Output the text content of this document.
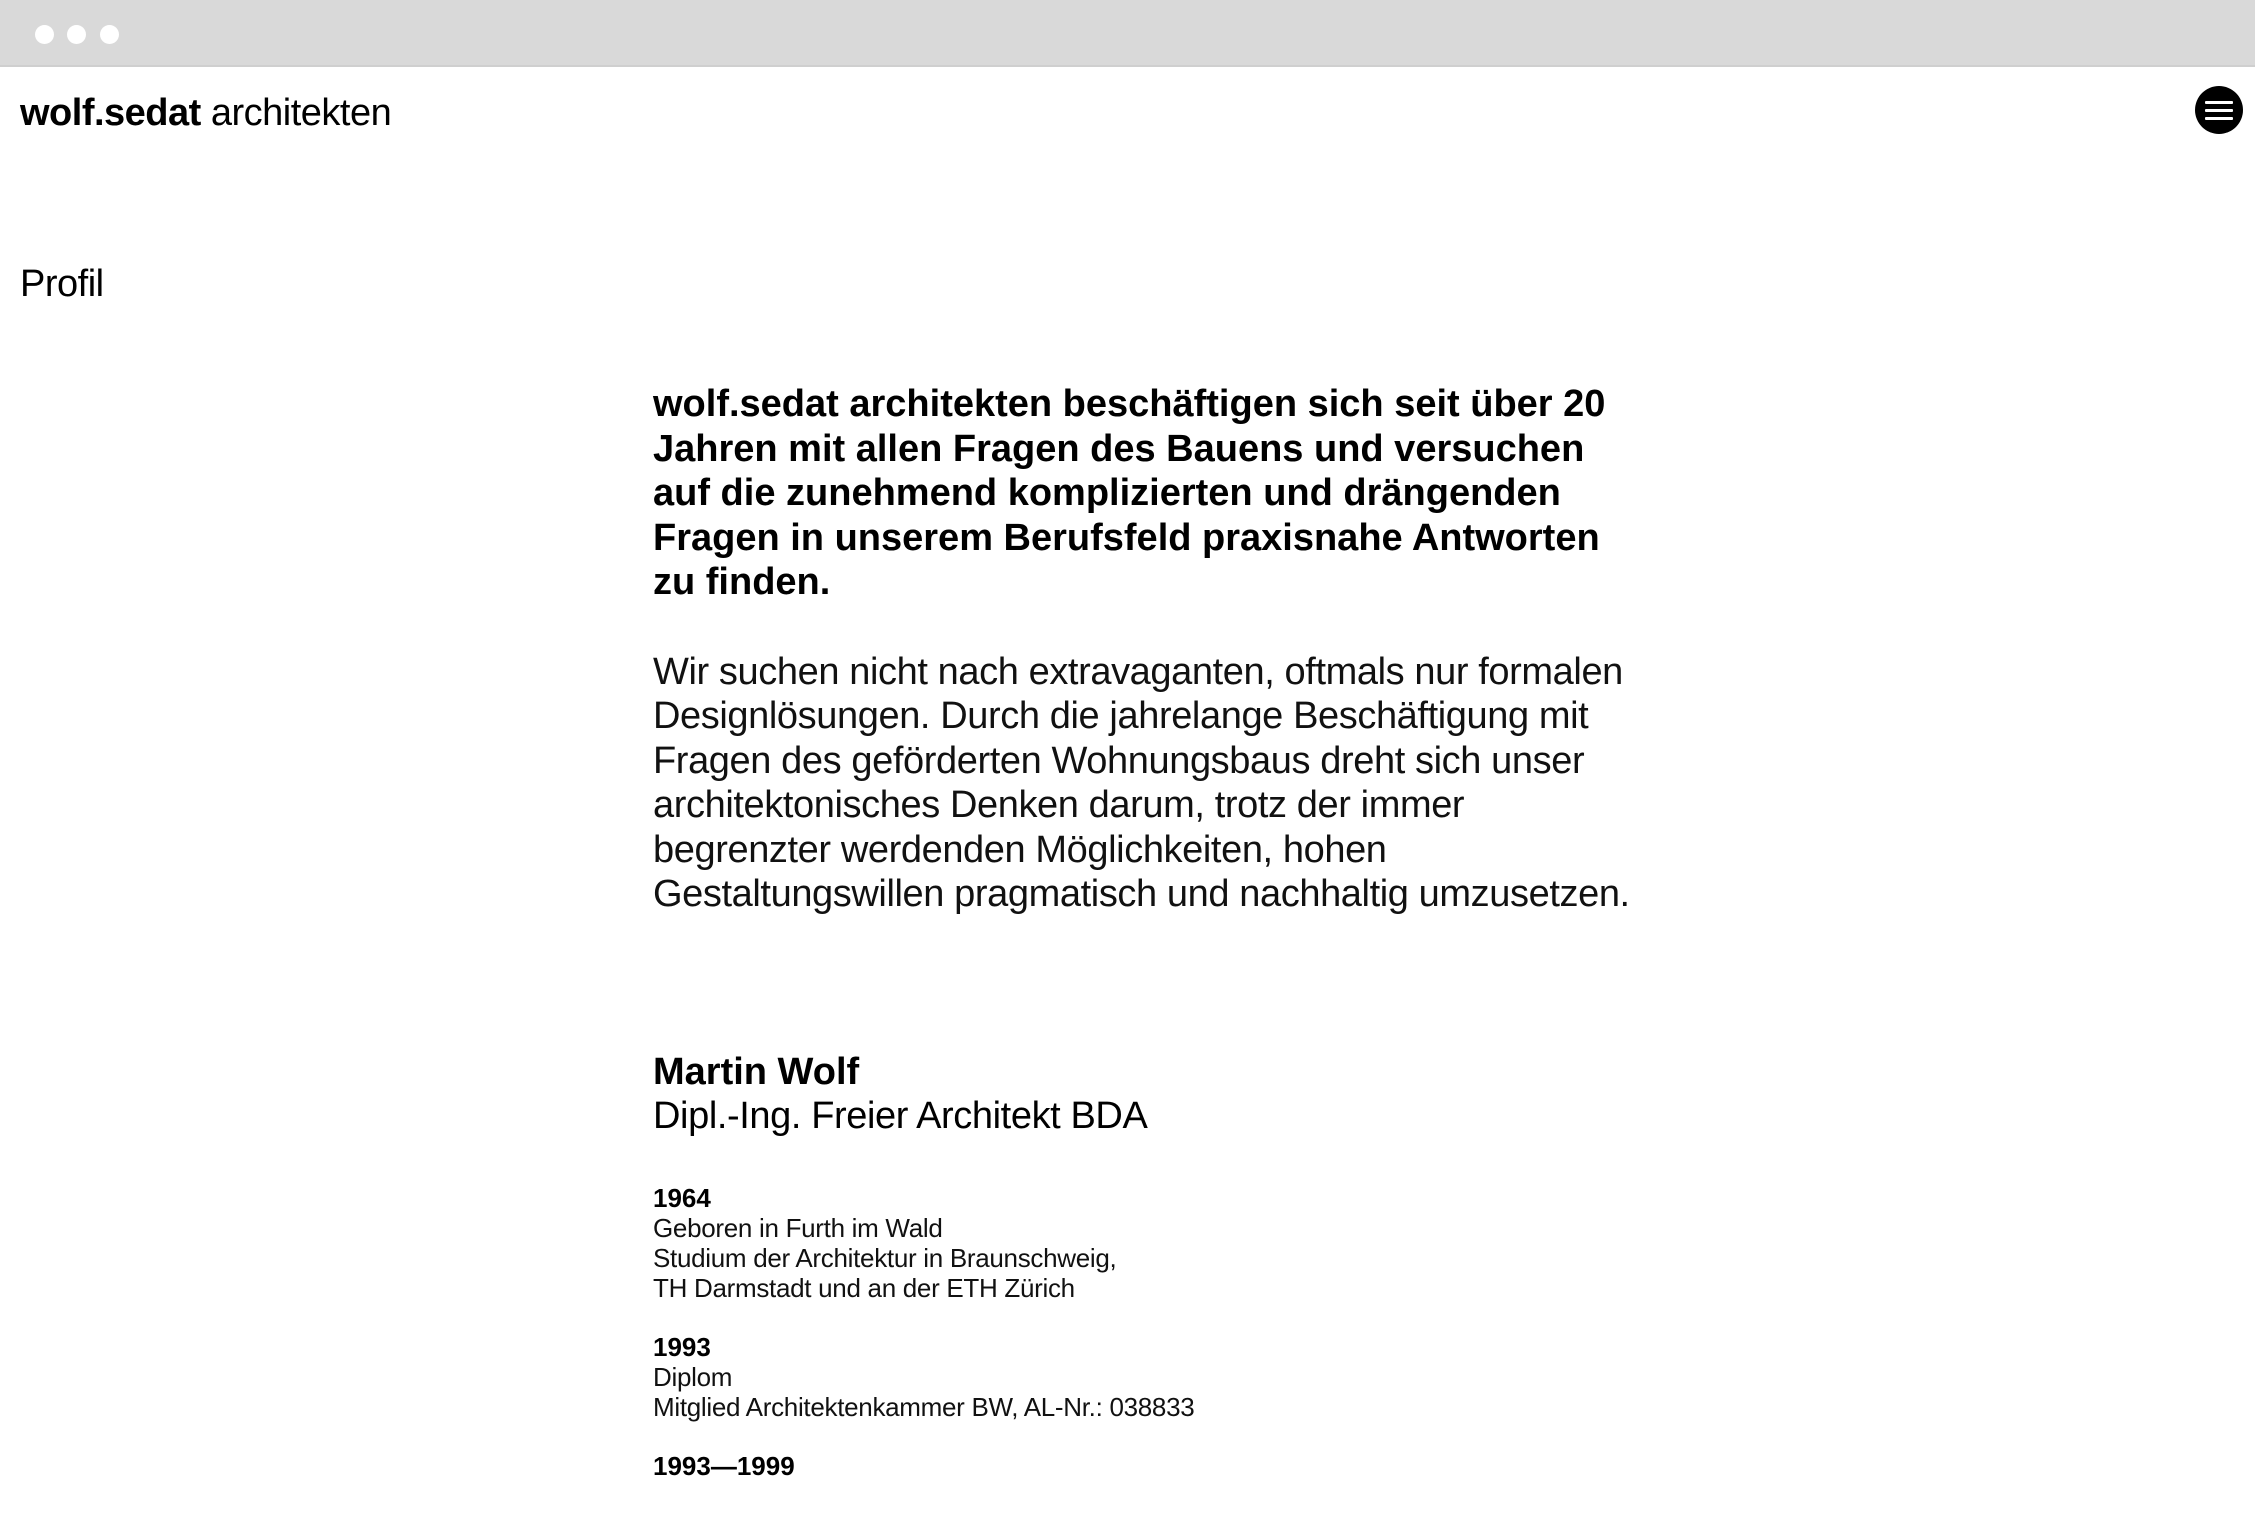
wolf.sedat architekten
Profil

wolf.sedat architekten beschäftigen sich seit über 20 Jahren mit allen Fragen des Bauens und versuchen auf die zunehmend komplizierten und drängenden Fragen in unserem Berufsfeld praxisnahe Antworten zu finden.

Wir suchen nicht nach extravaganten, oftmals nur formalen Designlösungen. Durch die jahrelange Beschäftigung mit Fragen des geförderten Wohnungsbaus dreht sich unser architektonisches Denken darum, trotz der immer begrenzter werdenden Möglichkeiten, hohen Gestaltungswillen pragmatisch und nachhaltig umzusetzen.

Martin Wolf

Dipl.-Ing. Freier Architekt BDA

1964
Geboren in Furth im Wald
Studium der Architektur in Braunschweig,
TH Darmstadt und an der ETH Zürich
1993
Diplom
Mitglied Architektenkammer BW, AL-Nr.: 038833
1993—1999
